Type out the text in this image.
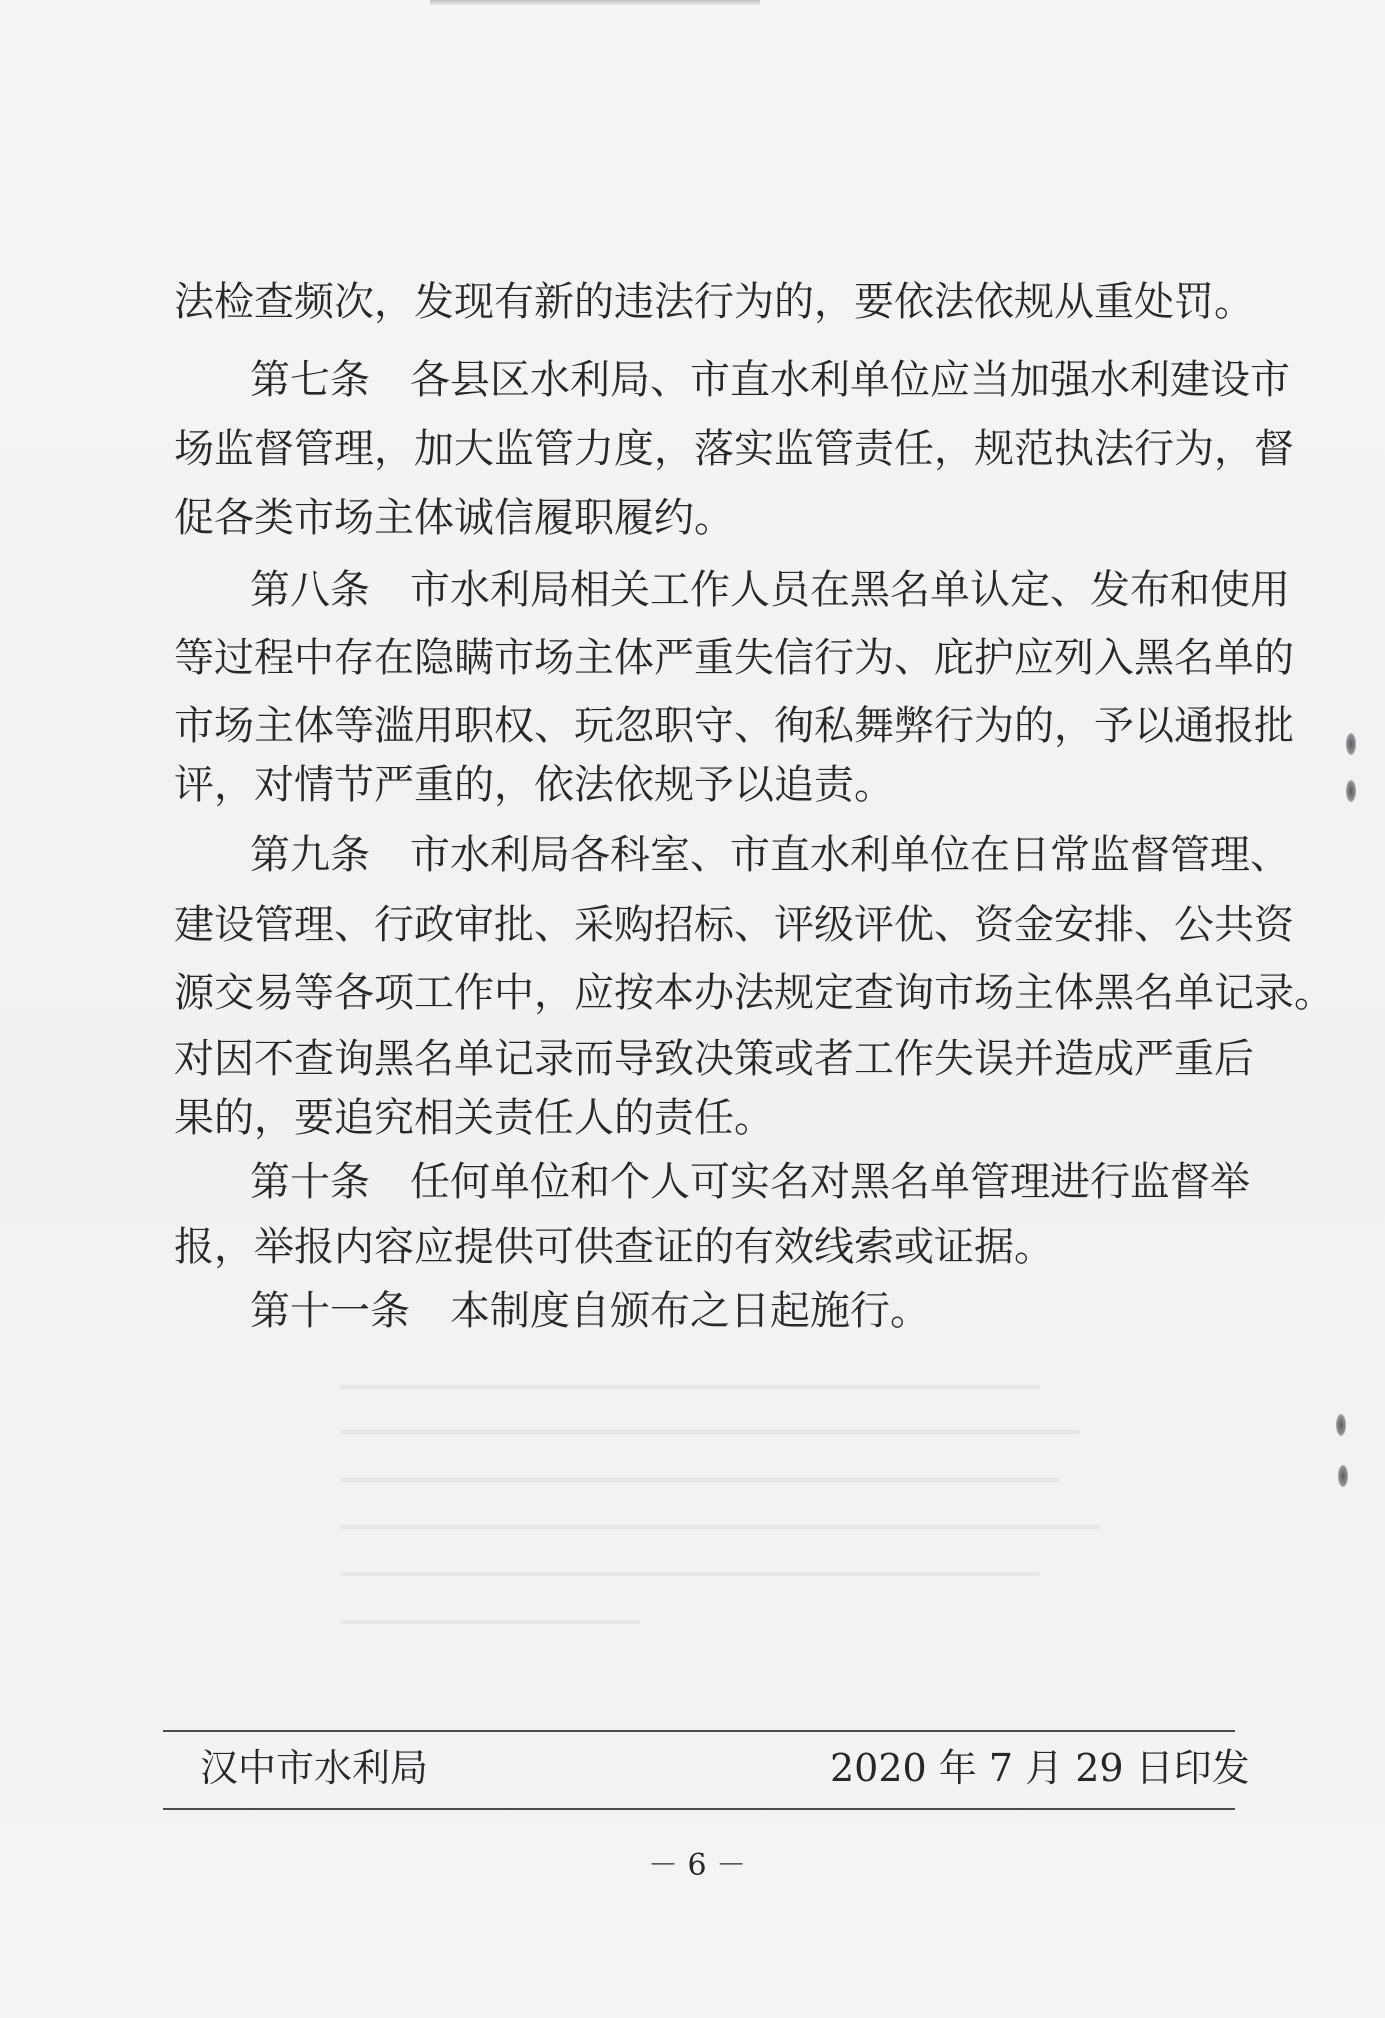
法检查频次，发现有新的违法行为的，要依法依规从重处罚。
第七条　各县区水利局、市直水利单位应当加强水利建设市
场监督管理，加大监管力度，落实监管责任，规范执法行为，督
促各类市场主体诚信履职履约。
第八条　市水利局相关工作人员在黑名单认定、发布和使用
等过程中存在隐瞒市场主体严重失信行为、庇护应列入黑名单的
市场主体等滥用职权、玩忽职守、徇私舞弊行为的，予以通报批
评，对情节严重的，依法依规予以追责。
第九条　市水利局各科室、市直水利单位在日常监督管理、
建设管理、行政审批、采购招标、评级评优、资金安排、公共资
源交易等各项工作中，应按本办法规定查询市场主体黑名单记录。
对因不查询黑名单记录而导致决策或者工作失误并造成严重后
果的，要追究相关责任人的责任。
第十条　任何单位和个人可实名对黑名单管理进行监督举
报，举报内容应提供可供查证的有效线索或证据。
第十一条　本制度自颁布之日起施行。
汉中市水利局	2020 年 7 月 29 日印发
－ 6 －
